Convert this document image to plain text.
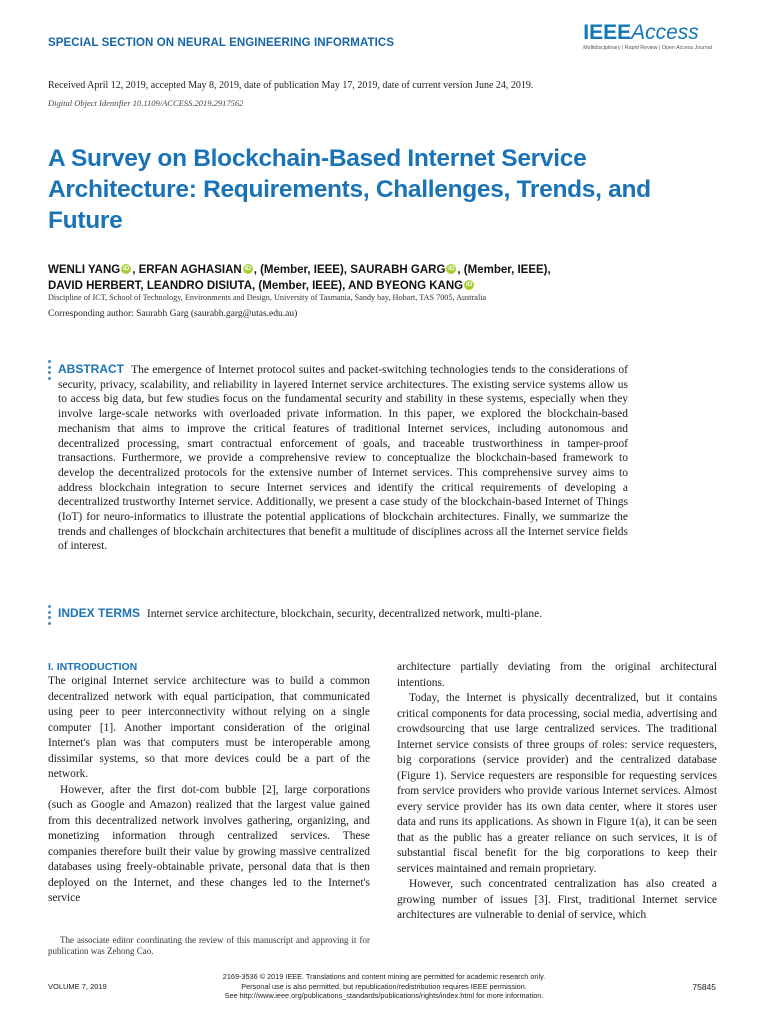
SPECIAL SECTION ON NEURAL ENGINEERING INFORMATICS	IEEEAccess
Multidisciplinary | Rapid Review | Open Access Journal
Received April 12, 2019, accepted May 8, 2019, date of publication May 17, 2019, date of current version June 24, 2019.
Digital Object Identifier 10.1109/ACCESS.2019.2917562
A Survey on Blockchain-Based Internet Service Architecture: Requirements, Challenges, Trends, and Future
WENLI YANG iD , ERFAN AGHASIAN iD , (Member, IEEE), SAURABH GARG iD , (Member, IEEE),
DAVID HERBERT, LEANDRO DISIUTA, (Member, IEEE), AND BYEONG KANG iD
Discipline of ICT, School of Technology, Environments and Design, University of Tasmania, Sandy bay, Hobart, TAS 7005, Australia
Corresponding author: Saurabh Garg (saurabh.garg@utas.edu.au)
ABSTRACT The emergence of Internet protocol suites and packet-switching technologies tends to the considerations of security, privacy, scalability, and reliability in layered Internet service architectures. The existing service systems allow us to access big data, but few studies focus on the fundamental security and stability in these systems, especially when they involve large-scale networks with overloaded private information. In this paper, we explored the blockchain-based mechanism that aims to improve the critical features of traditional Internet services, including autonomous and decentralized processing, smart contractual enforcement of goals, and traceable trustworthiness in tamper-proof transactions. Furthermore, we provide a comprehensive review to conceptualize the blockchain-based framework to develop the decentralized protocols for the extensive number of Internet services. This comprehensive survey aims to address blockchain integration to secure Internet services and identify the critical requirements of developing a decentralized trustworthy Internet service. Additionally, we present a case study of the blockchain-based Internet of Things (IoT) for neuro-informatics to illustrate the potential applications of blockchain architectures. Finally, we summarize the trends and challenges of blockchain architectures that benefit a multitude of disciplines across all the Internet service fields of interest.
INDEX TERMS Internet service architecture, blockchain, security, decentralized network, multi-plane.
I. INTRODUCTION

The original Internet service architecture was to build a common decentralized network with equal participation, that communicated using peer to peer interconnectivity without relying on a single computer [1]. Another important consideration of the original Internet's plan was that computers must be interoperable among dissimilar systems, so that more devices could be a part of the network.

However, after the first dot-com bubble [2], large corporations (such as Google and Amazon) realized that the largest value gained from this decentralized network involves gathering, organizing, and monetizing information through centralized services. These companies therefore built their value by growing massive centralized databases using freely-obtainable private, personal data that is then deployed on the Internet, and these changes led to the Internet's service

architecture partially deviating from the original architectural intentions.

Today, the Internet is physically decentralized, but it contains critical components for data processing, social media, advertising and crowdsourcing that use large centralized services. The traditional Internet service consists of three groups of roles: service requesters, big corporations (service provider) and the centralized database (Figure 1). Service requesters are responsible for requesting services from service providers who provide various Internet services. Almost every service provider has its own data center, where it stores user data and runs its applications. As shown in Figure 1(a), it can be seen that as the public has a greater reliance on such services, it is of substantial fiscal benefit for the big corporations to keep their services maintained and remain proprietary.

However, such concentrated centralization has also created a growing number of issues [3]. First, traditional Internet service architectures are vulnerable to denial of service, which

The associate editor coordinating the review of this manuscript and approving it for publication was Zehong Cao.
VOLUME 7, 2019
2169-3536 © 2019 IEEE. Translations and content mining are permitted for academic research only.
Personal use is also permitted, but republication/redistribution requires IEEE permission.
See http://www.ieee.org/publications_standards/publications/rights/index.html for more information.
75845
